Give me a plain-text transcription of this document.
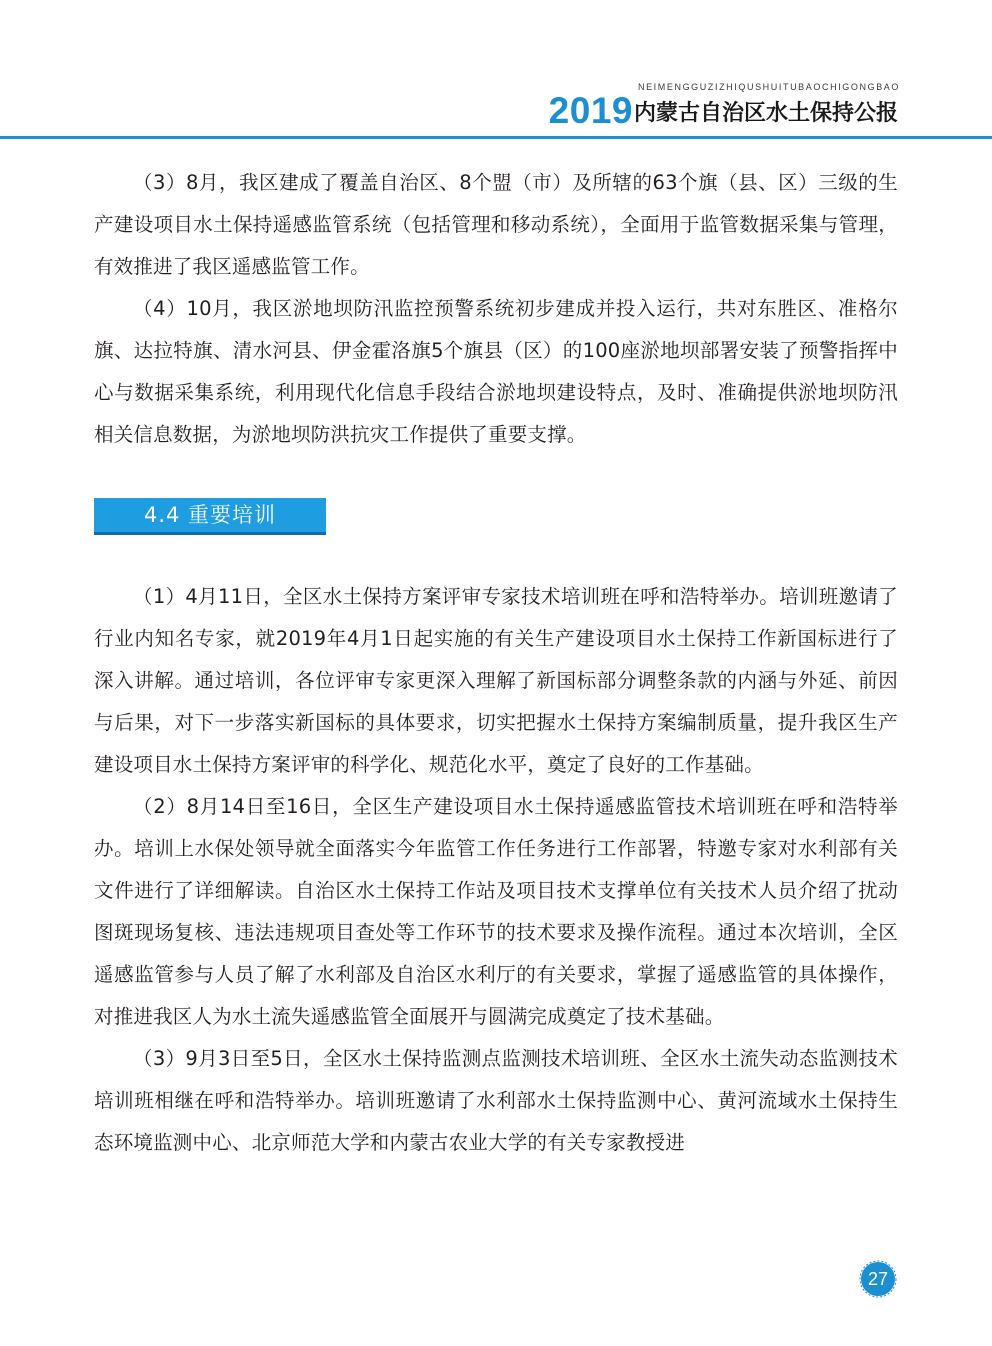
NEIMENGGUZIZHIQUSHUITUBAOCHIGONGBAO
2019 内蒙古自治区水土保持公报

（3）8月，我区建成了覆盖自治区、8个盟（市）及所辖的63个旗（县、区）三级的生产建设项目水土保持遥感监管系统（包括管理和移动系统），全面用于监管数据采集与管理，有效推进了我区遥感监管工作。

（4）10月，我区淤地坝防汛监控预警系统初步建成并投入运行，共对东胜区、准格尔旗、达拉特旗、清水河县、伊金霍洛旗5个旗县（区）的100座淤地坝部署安装了预警指挥中心与数据采集系统，利用现代化信息手段结合淤地坝建设特点，及时、准确提供淤地坝防汛相关信息数据，为淤地坝防洪抗灾工作提供了重要支撑。

4.4 重要培训

（1）4月11日，全区水土保持方案评审专家技术培训班在呼和浩特举办。培训班邀请了行业内知名专家，就2019年4月1日起实施的有关生产建设项目水土保持工作新国标进行了深入讲解。通过培训，各位评审专家更深入理解了新国标部分调整条款的内涵与外延、前因与后果，对下一步落实新国标的具体要求，切实把握水土保持方案编制质量，提升我区生产建设项目水土保持方案评审的科学化、规范化水平，奠定了良好的工作基础。

（2）8月14日至16日，全区生产建设项目水土保持遥感监管技术培训班在呼和浩特举办。培训上水保处领导就全面落实今年监管工作任务进行工作部署，特邀专家对水利部有关文件进行了详细解读。自治区水土保持工作站及项目技术支撑单位有关技术人员介绍了扰动图斑现场复核、违法违规项目查处等工作环节的技术要求及操作流程。通过本次培训，全区遥感监管参与人员了解了水利部及自治区水利厅的有关要求，掌握了遥感监管的具体操作，对推进我区人为水土流失遥感监管全面展开与圆满完成奠定了技术基础。

（3）9月3日至5日，全区水土保持监测点监测技术培训班、全区水土流失动态监测技术培训班相继在呼和浩特举办。培训班邀请了水利部水土保持监测中心、黄河流域水土保持生态环境监测中心、北京师范大学和内蒙古农业大学的有关专家教授进

27
